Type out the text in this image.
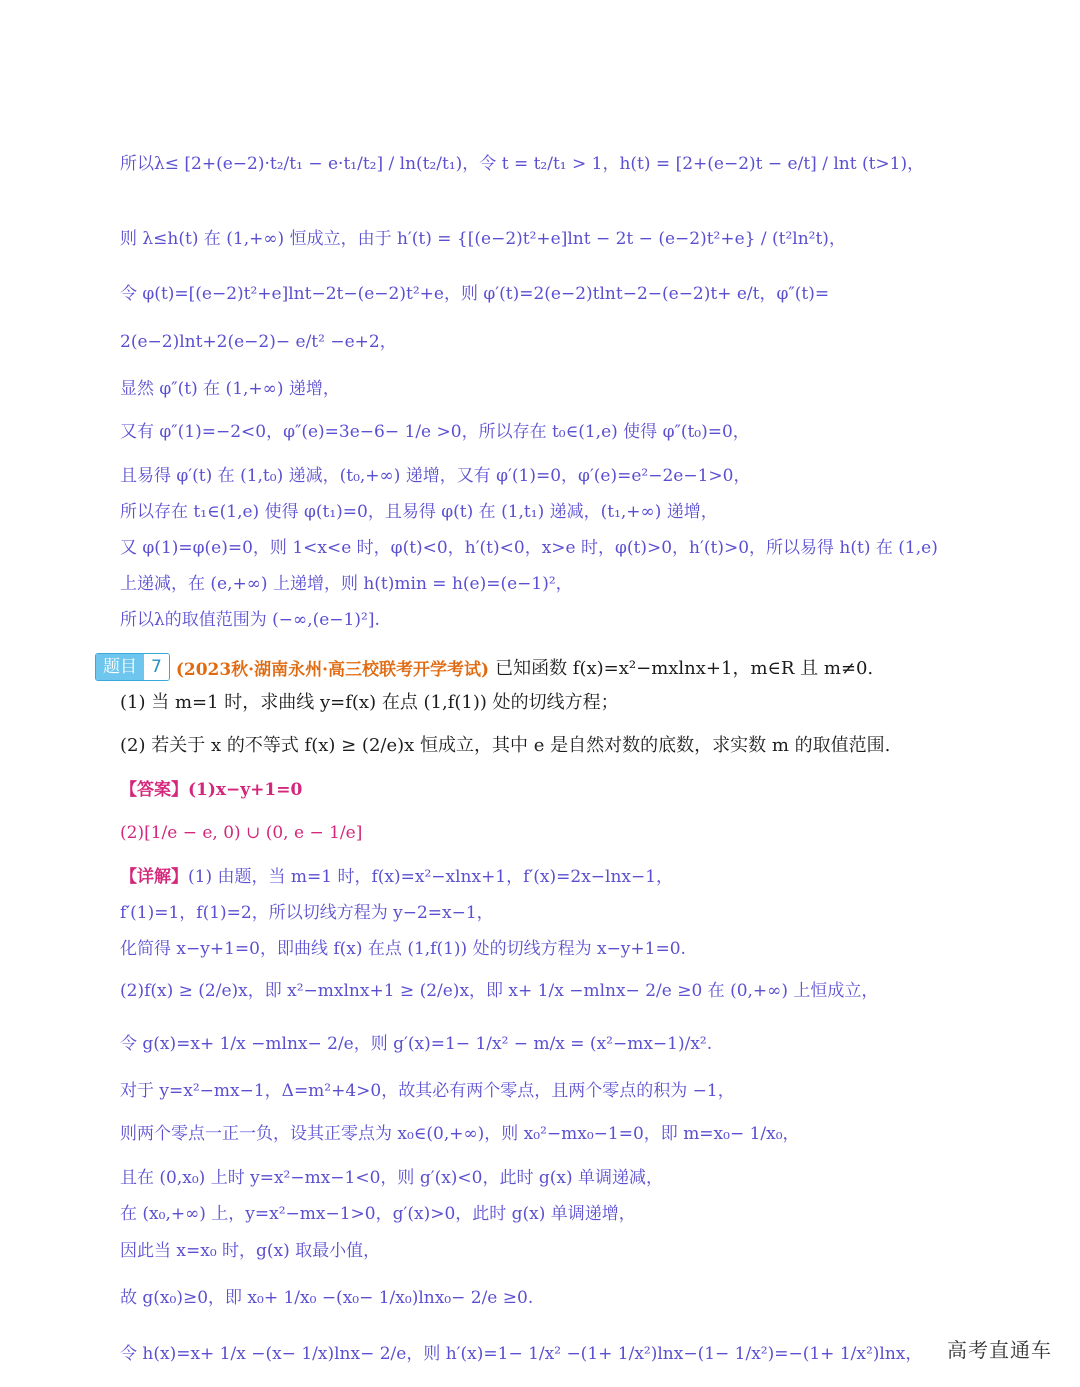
所以λ≤ [2+(e−2)·t₂/t₁ − e·t₁/t₂] / ln(t₂/t₁)，令 t = t₂/t₁ > 1，h(t) = [2+(e−2)t − e/t] / lnt (t>1)，
则 λ≤h(t) 在 (1,+∞) 恒成立，由于 h′(t) = {[(e−2)t²+e]lnt − 2t − (e−2)t²+e} / (t²ln²t)，
令 φ(t)=[(e−2)t²+e]lnt−2t−(e−2)t²+e，则 φ′(t)=2(e−2)tlnt−2−(e−2)t+ e/t，φ″(t)=
2(e−2)lnt+2(e−2)− e/t² −e+2，
显然 φ″(t) 在 (1,+∞) 递增，
又有 φ″(1)=−2<0，φ″(e)=3e−6− 1/e >0，所以存在 t₀∈(1,e) 使得 φ″(t₀)=0，
且易得 φ′(t) 在 (1,t₀) 递减，(t₀,+∞) 递增，又有 φ′(1)=0，φ′(e)=e²−2e−1>0，
所以存在 t₁∈(1,e) 使得 φ(t₁)=0，且易得 φ(t) 在 (1,t₁) 递减，(t₁,+∞) 递增，
又 φ(1)=φ(e)=0，则 1<x<e 时，φ(t)<0，h′(t)<0，x>e 时，φ(t)>0，h′(t)>0，所以易得 h(t) 在 (1,e)
上递减，在 (e,+∞) 上递增，则 h(t)min = h(e)=(e−1)²，
所以λ的取值范围为 (−∞,(e−1)²].
题目 7 (2023秋·湖南永州·高三校联考开学考试) 已知函数 f(x)=x²−mxlnx+1，m∈R 且 m≠0.
(1) 当 m=1 时，求曲线 y=f(x) 在点 (1,f(1)) 处的切线方程；
(2) 若关于 x 的不等式 f(x) ≥ (2/e)x 恒成立，其中 e 是自然对数的底数，求实数 m 的取值范围.
【答案】(1)x−y+1=0
(2)[1/e − e, 0) ∪ (0, e − 1/e]
【详解】(1) 由题，当 m=1 时，f(x)=x²−xlnx+1，f′(x)=2x−lnx−1，
f′(1)=1，f(1)=2，所以切线方程为 y−2=x−1，
化简得 x−y+1=0，即曲线 f(x) 在点 (1,f(1)) 处的切线方程为 x−y+1=0.
(2)f(x) ≥ (2/e)x，即 x²−mxlnx+1 ≥ (2/e)x，即 x+ 1/x −mlnx− 2/e ≥0 在 (0,+∞) 上恒成立，
令 g(x)=x+ 1/x −mlnx− 2/e，则 g′(x)=1− 1/x² − m/x = (x²−mx−1)/x².
对于 y=x²−mx−1，Δ=m²+4>0，故其必有两个零点，且两个零点的积为 −1，
则两个零点一正一负，设其正零点为 x₀∈(0,+∞)，则 x₀²−mx₀−1=0，即 m=x₀− 1/x₀，
且在 (0,x₀) 上时 y=x²−mx−1<0，则 g′(x)<0，此时 g(x) 单调递减，
在 (x₀,+∞) 上，y=x²−mx−1>0，g′(x)>0，此时 g(x) 单调递增，
因此当 x=x₀ 时，g(x) 取最小值，
故 g(x₀)≥0，即 x₀+ 1/x₀ −(x₀− 1/x₀)lnx₀− 2/e ≥0.
令 h(x)=x+ 1/x −(x− 1/x)lnx− 2/e，则 h′(x)=1− 1/x² −(1+ 1/x²)lnx−(1− 1/x²)=−(1+ 1/x²)lnx，	高考直通车
